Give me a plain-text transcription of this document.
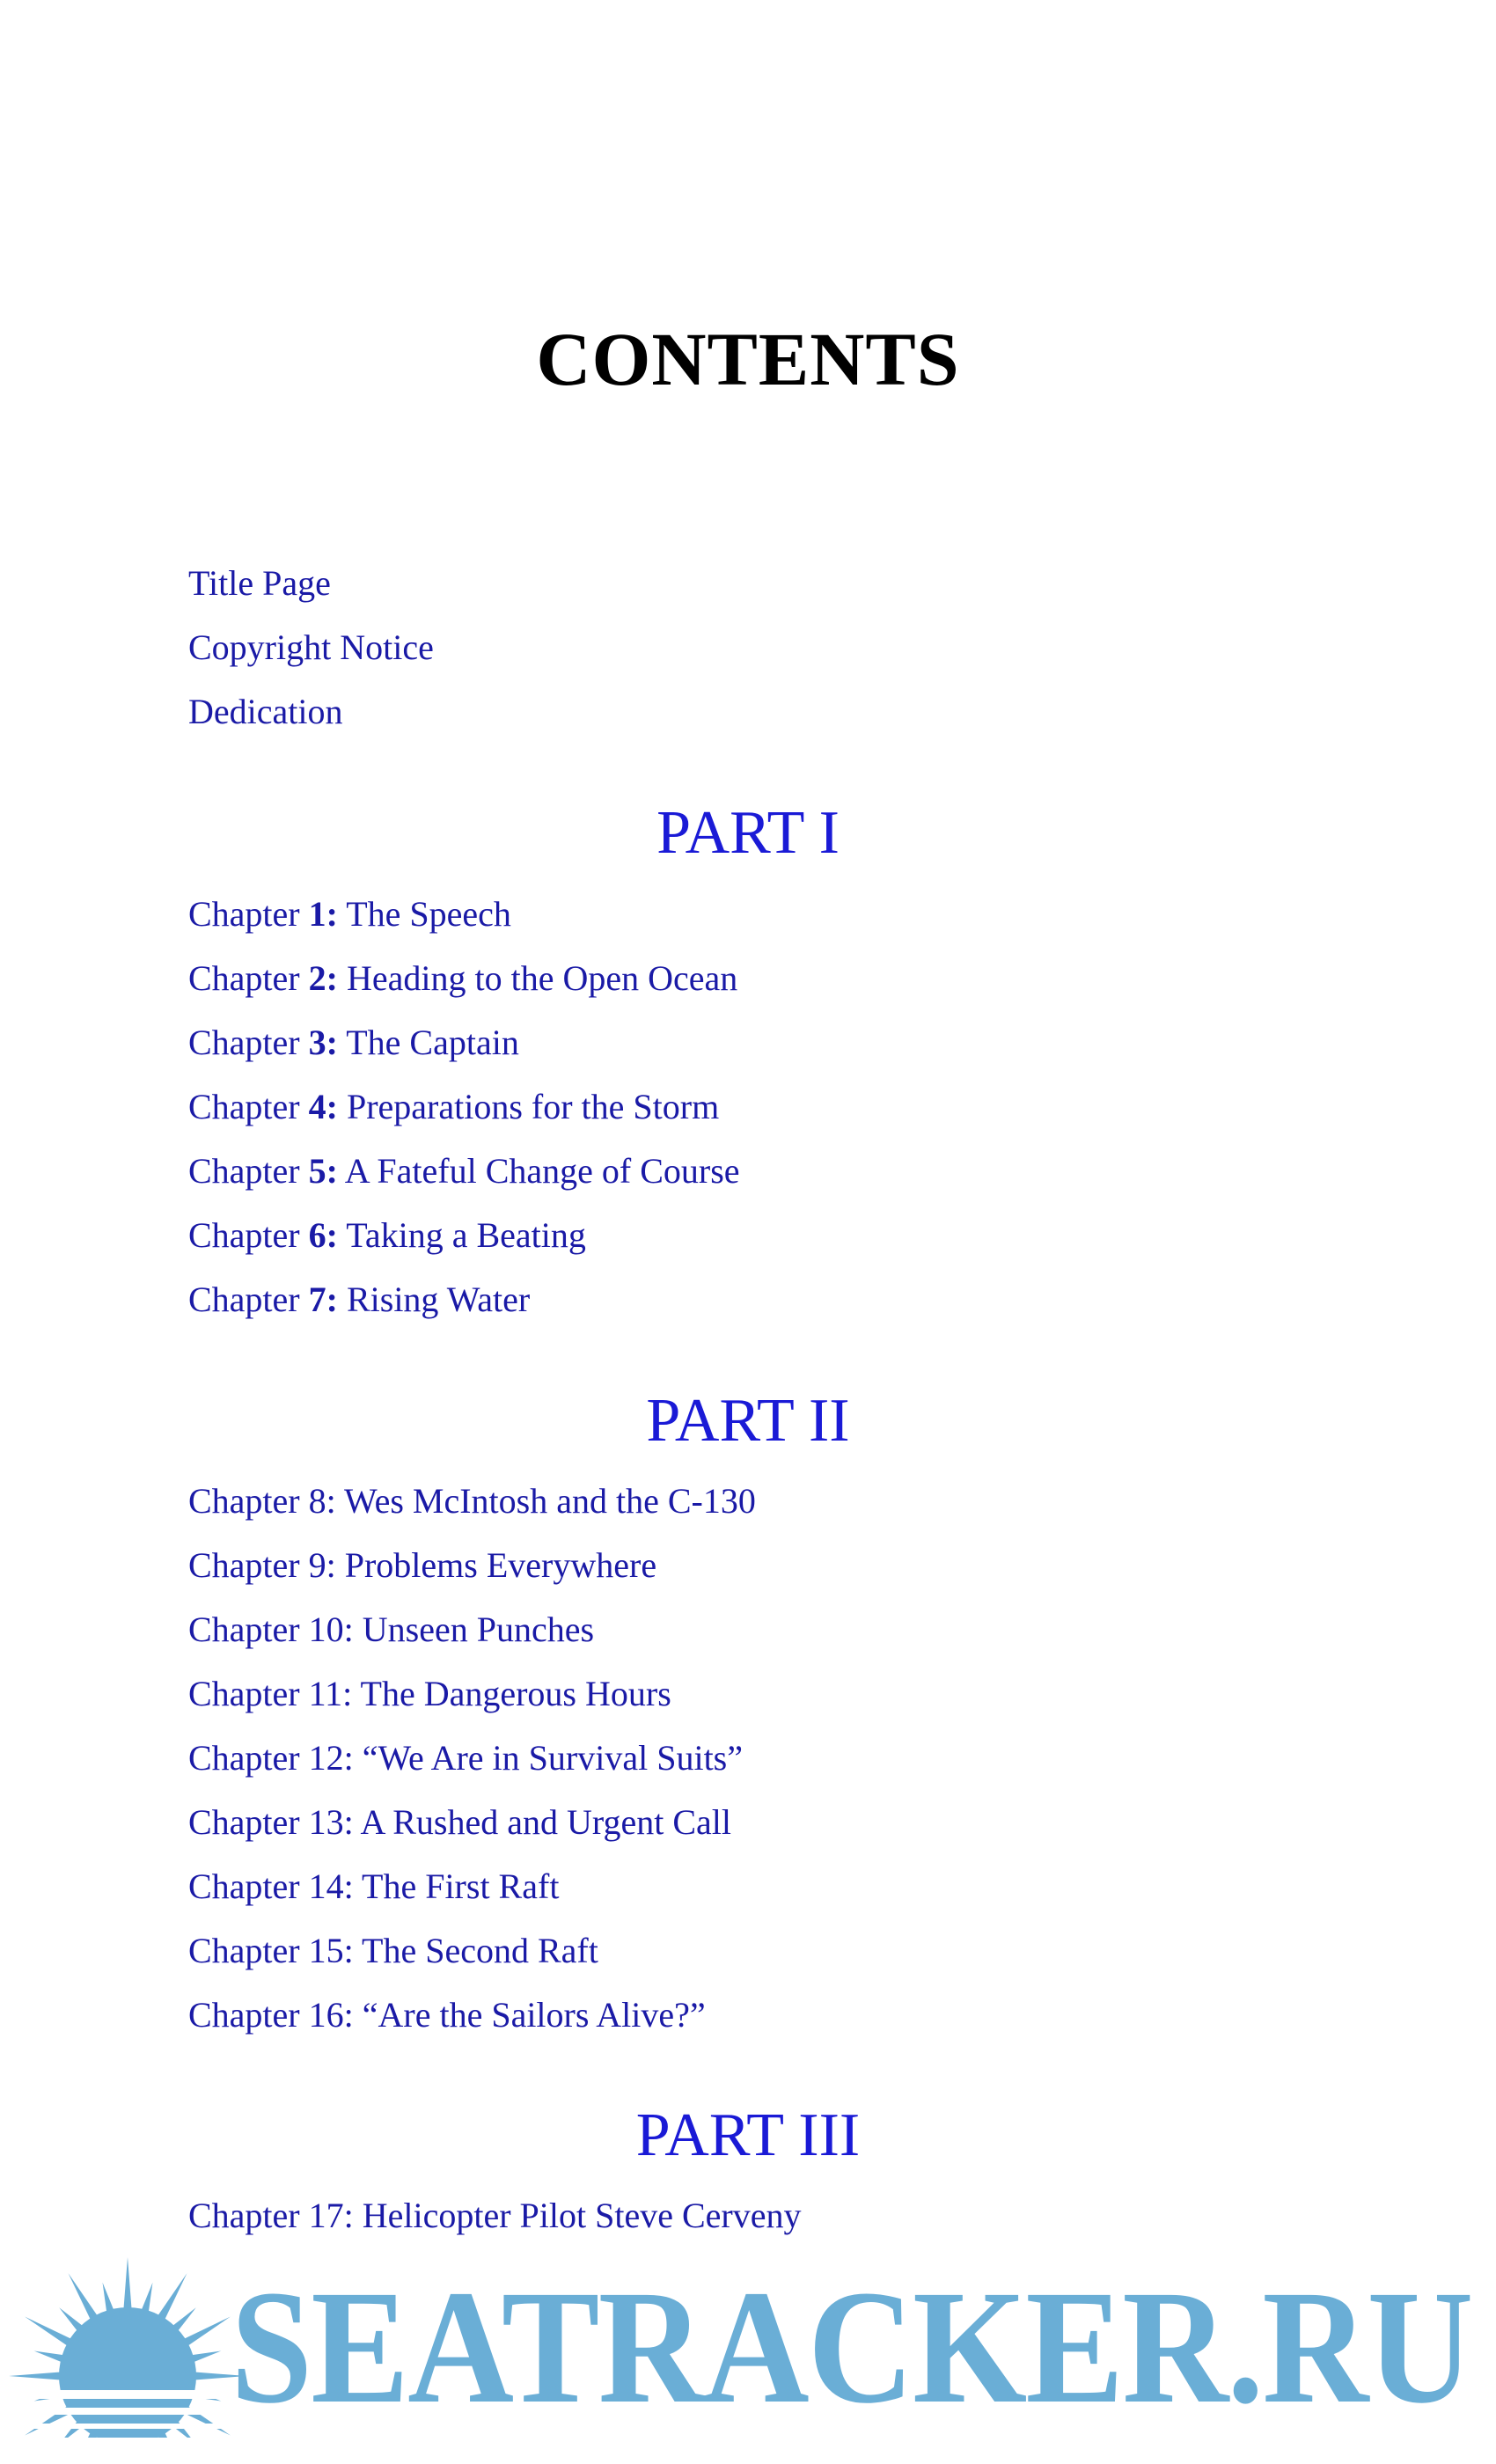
CONTENTS
Title Page
Copyright Notice
Dedication
PART I
Chapter 1: The Speech
Chapter 2: Heading to the Open Ocean
Chapter 3: The Captain
Chapter 4: Preparations for the Storm
Chapter 5: A Fateful Change of Course
Chapter 6: Taking a Beating
Chapter 7: Rising Water
PART II
Chapter 8: Wes McIntosh and the C-130
Chapter 9: Problems Everywhere
Chapter 10: Unseen Punches
Chapter 11: The Dangerous Hours
Chapter 12: “We Are in Survival Suits”
Chapter 13: A Rushed and Urgent Call
Chapter 14: The First Raft
Chapter 15: The Second Raft
Chapter 16: “Are the Sailors Alive?”
PART III
Chapter 17: Helicopter Pilot Steve Cerveny
SEATRACKER.RU
